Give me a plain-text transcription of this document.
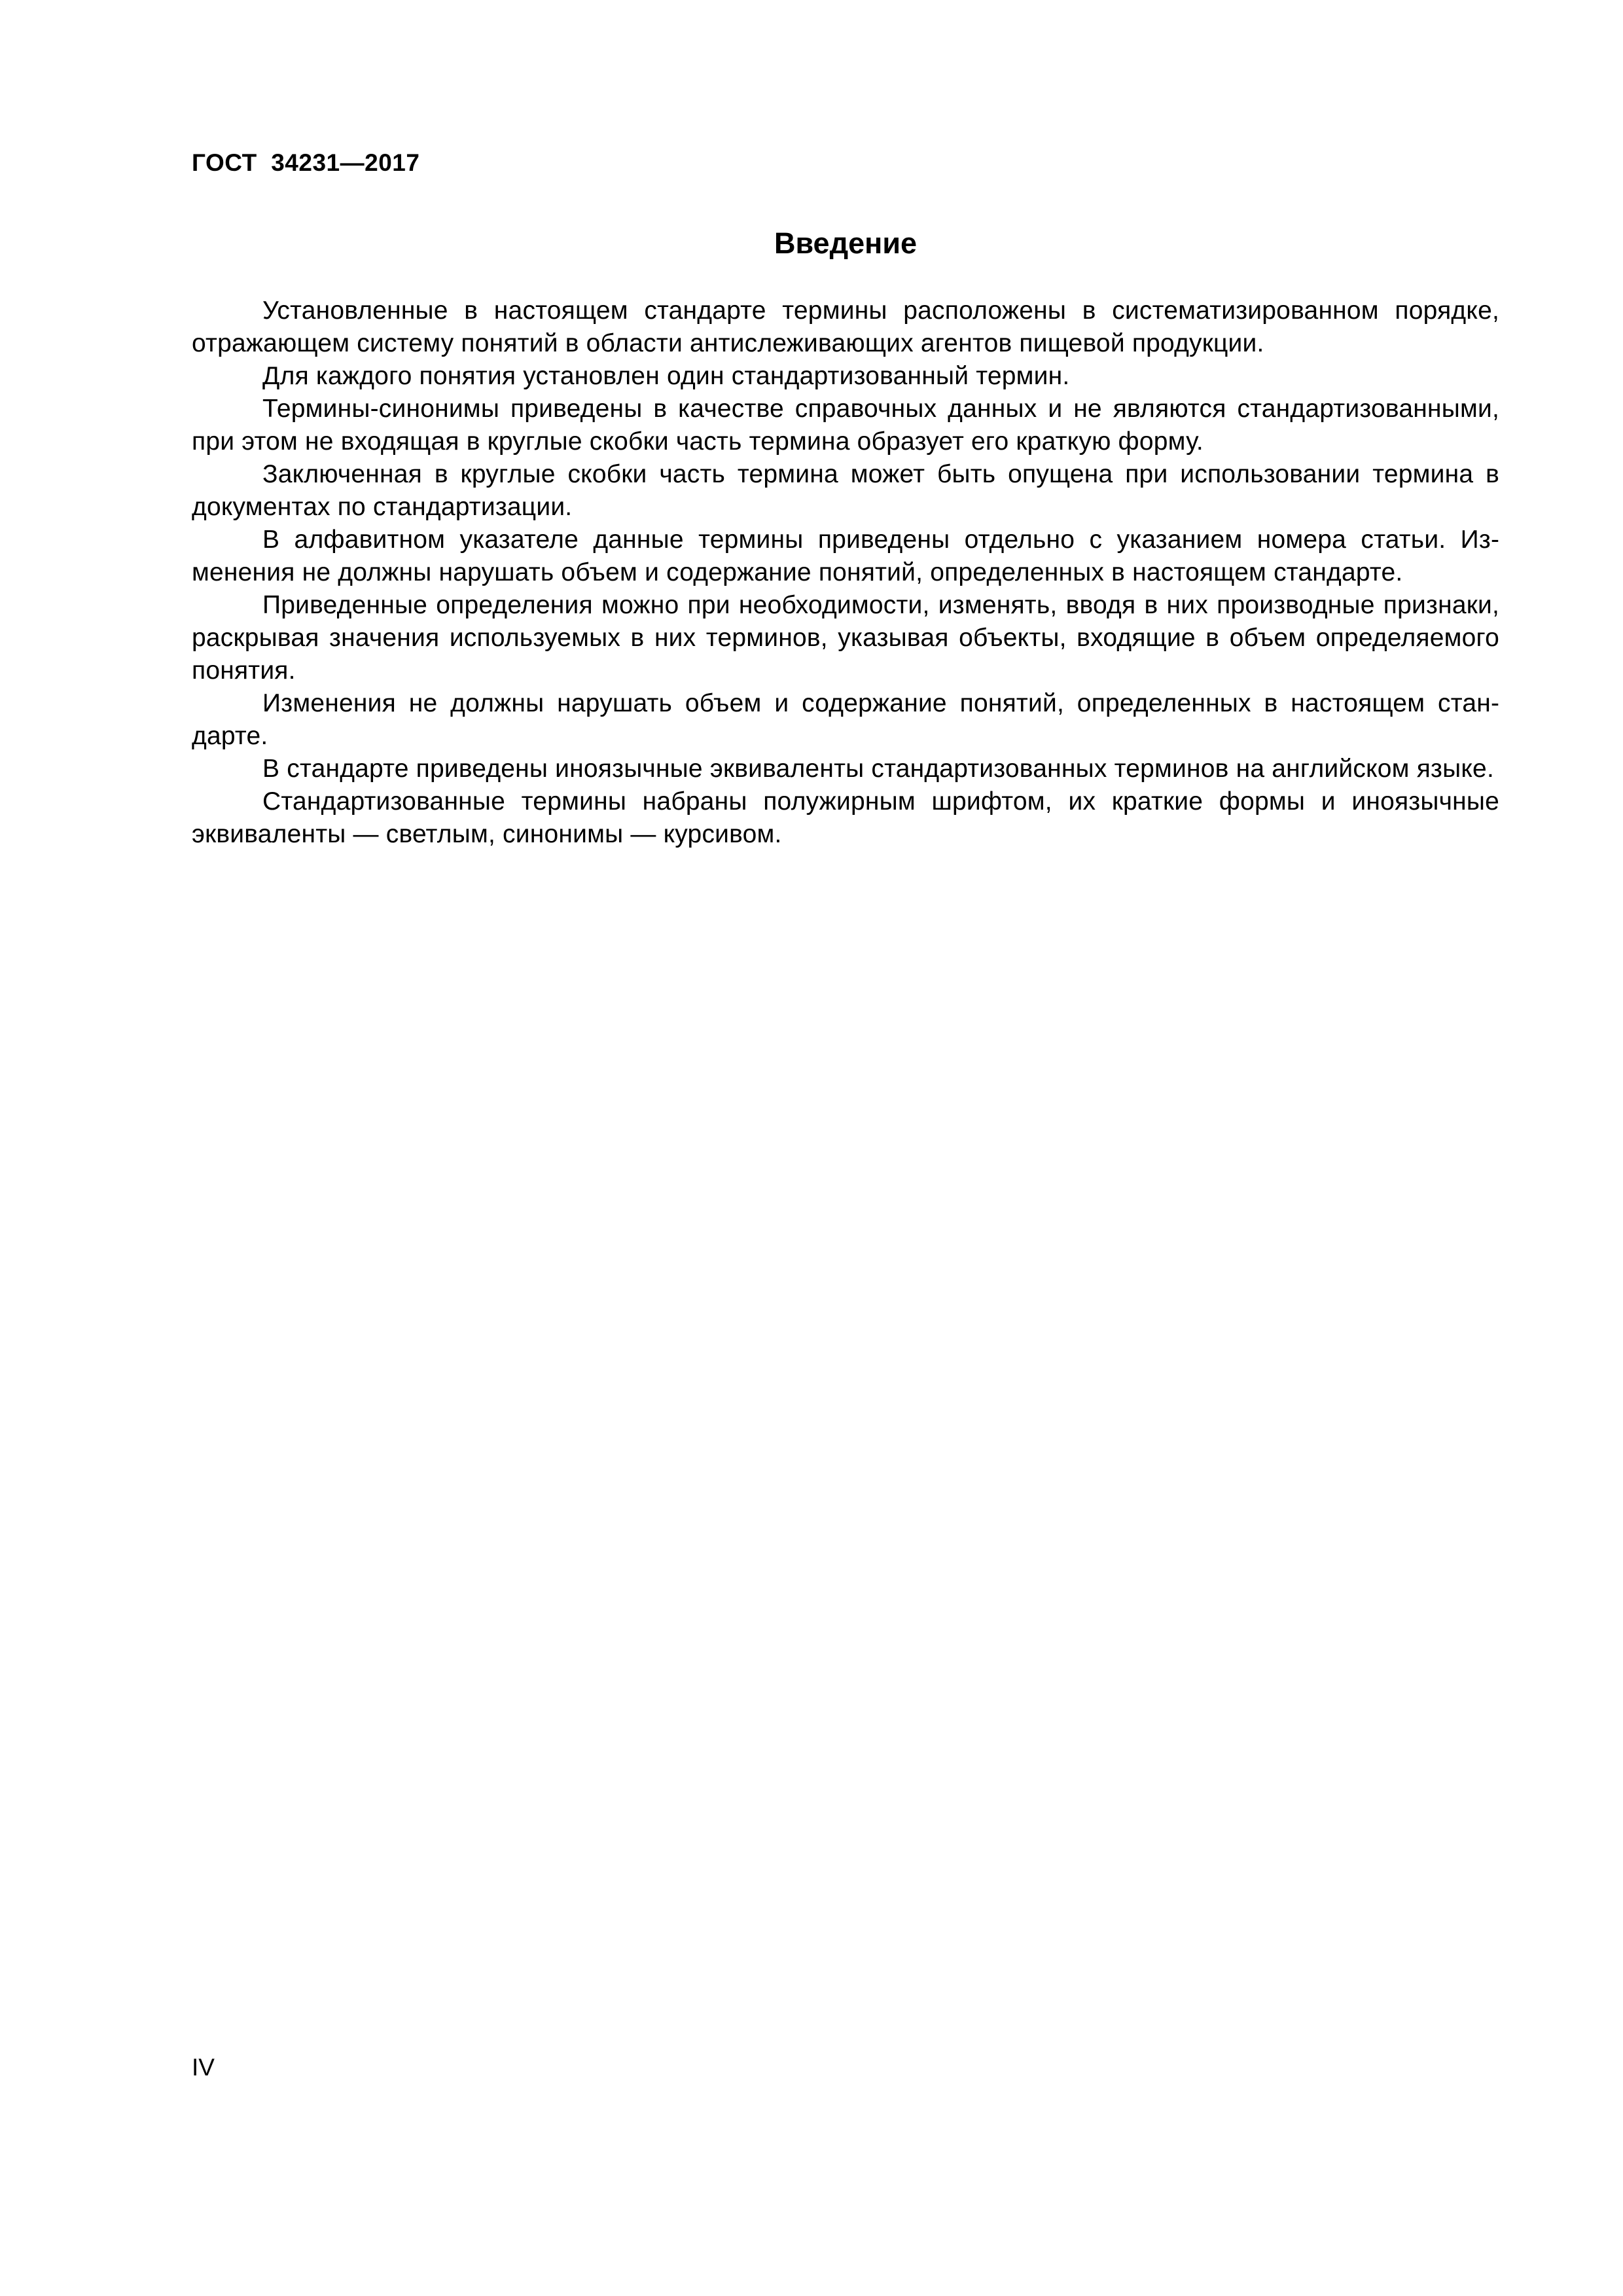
ГОСТ  34231—2017
Введение

Установленные в настоящем стандарте термины расположены в систематизированном порядке, отражающем систему понятий в области антислеживающих агентов пищевой продукции.

Для каждого понятия установлен один стандартизованный термин.

Термины-синонимы приведены в качестве справочных данных и не являются стандартизованными, при этом не входящая в круглые скобки часть термина образует его краткую форму.

Заключенная в круглые скобки часть термина может быть опущена при использовании термина в документах по стандартизации.

В алфавитном указателе данные термины приведены отдельно с указанием номера статьи. Изменения не должны нарушать объем и содержание понятий, определенных в настоящем стандарте.

Приведенные определения можно при необходимости, изменять, вводя в них производные признаки, раскрывая значения используемых в них терминов, указывая объекты, входящие в объем определяемого понятия.

Изменения не должны нарушать объем и содержание понятий, определенных в настоящем стандарте.

В стандарте приведены иноязычные эквиваленты стандартизованных терминов на английском языке.

Стандартизованные термины набраны полужирным шрифтом, их краткие формы и иноязычные эквиваленты — светлым, синонимы — курсивом.

IV
